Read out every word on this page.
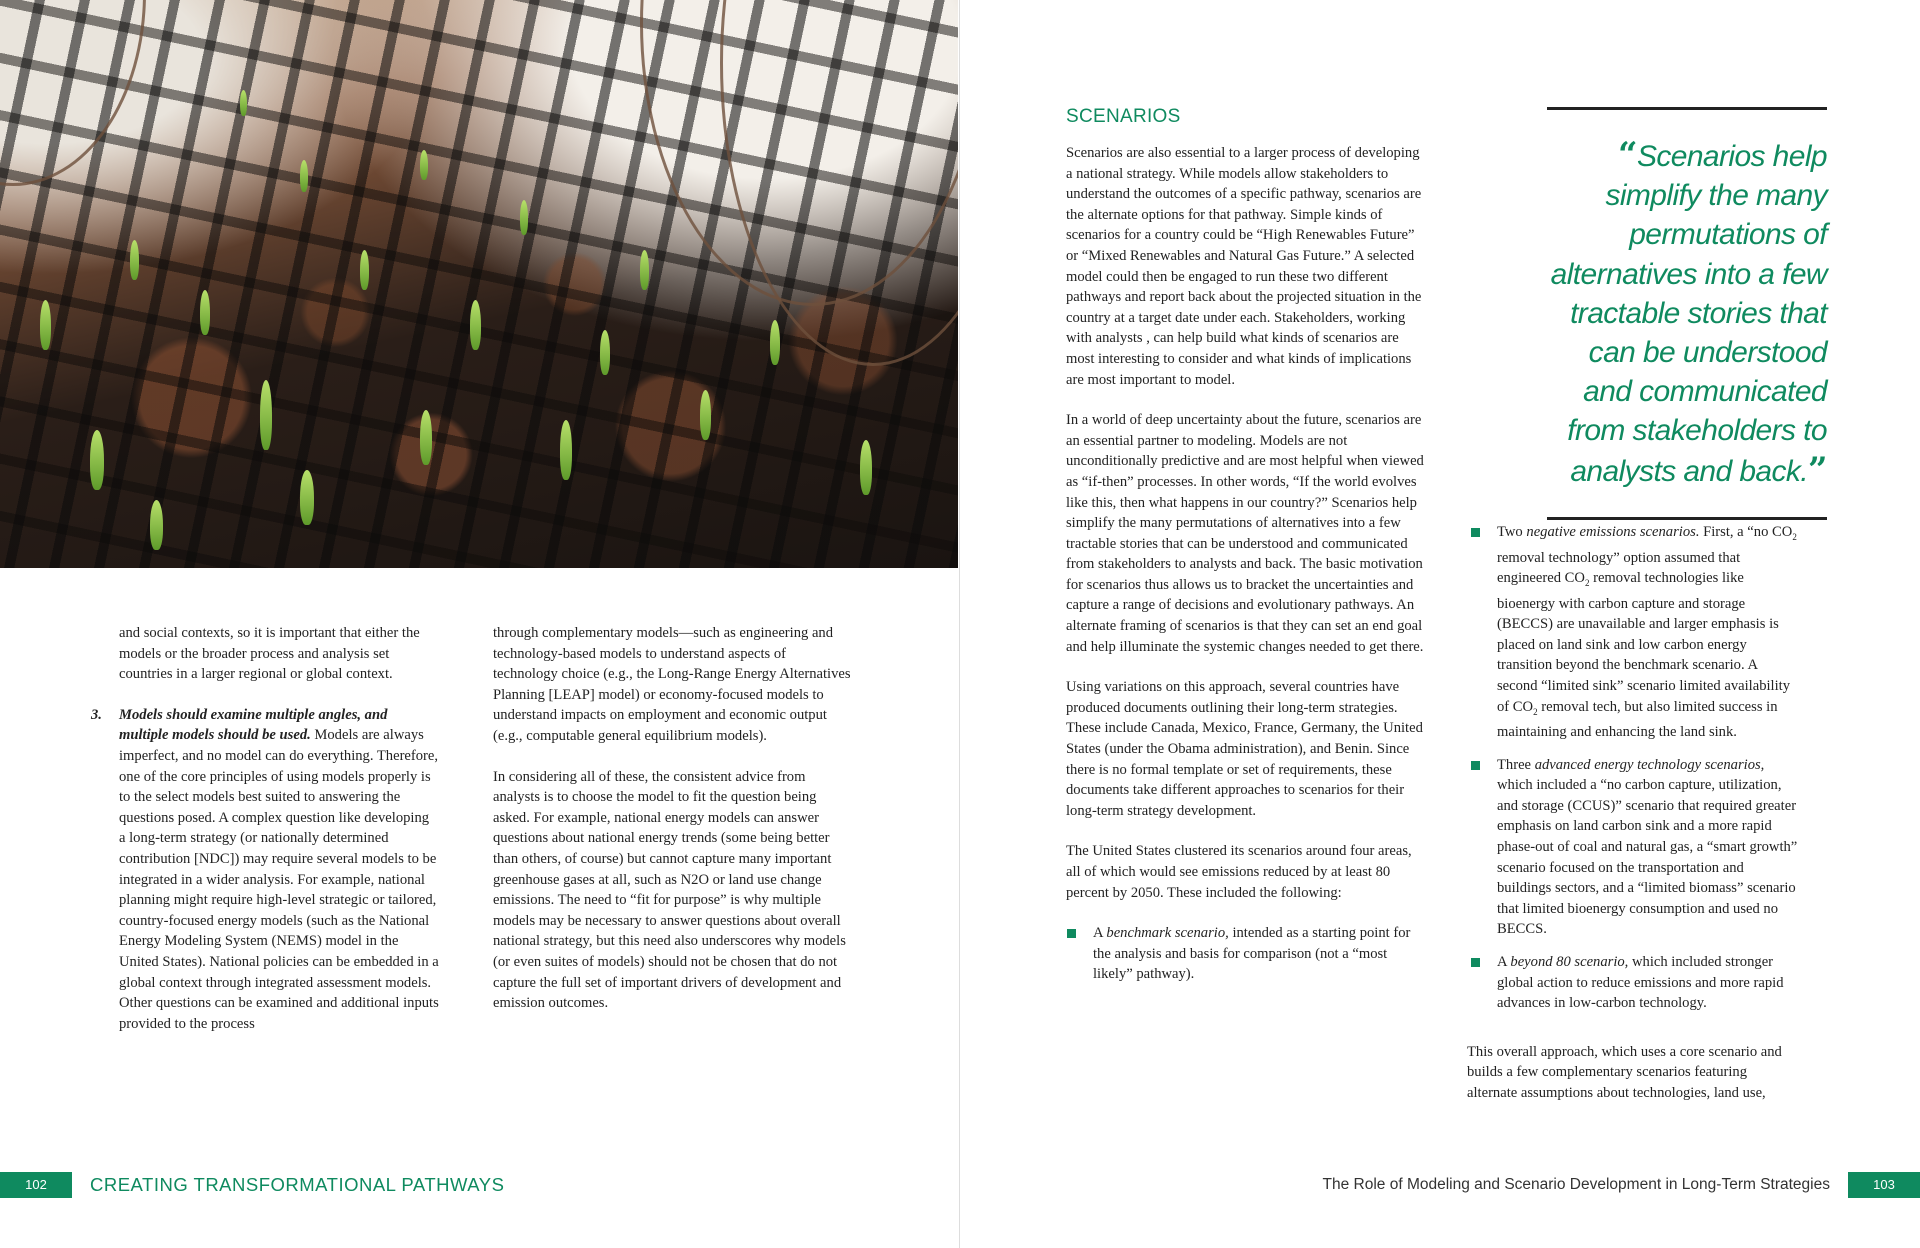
and social contexts, so it is important that either the models or the broader process and analysis set countries in a larger regional or global context.

3. Models should examine multiple angles, and multiple models should be used. Models are always imperfect, and no model can do everything. Therefore, one of the core principles of using models properly is to the select models best suited to answering the questions posed. A complex question like developing a long-term strategy (or nationally determined contribution [NDC]) may require several models to be integrated in a wider analysis. For example, national planning might require high-level strategic or tailored, country-focused energy models (such as the National Energy Modeling System (NEMS) model in the United States). National policies can be embedded in a global context through integrated assessment models. Other questions can be examined and additional inputs provided to the process

through complementary models—such as engineering and technology-based models to understand aspects of technology choice (e.g., the Long-Range Energy Alternatives Planning [LEAP] model) or economy-focused models to understand impacts on employment and economic output (e.g., computable general equilibrium models).

In considering all of these, the consistent advice from analysts is to choose the model to fit the question being asked. For example, national energy models can answer questions about national energy trends (some being better than others, of course) but cannot capture many important greenhouse gases at all, such as N2O or land use change emissions. The need to “fit for purpose” is why multiple models may be necessary to answer questions about overall national strategy, but this need also underscores why models (or even suites of models) should not be chosen that do not capture the full set of important drivers of development and emission outcomes.

102	CREATING TRANSFORMATIONAL PATHWAYS
SCENARIOS

Scenarios are also essential to a larger process of developing a national strategy. While models allow stakeholders to understand the outcomes of a specific pathway, scenarios are the alternate options for that pathway. Simple kinds of scenarios for a country could be “High Renewables Future” or “Mixed Renewables and Natural Gas Future.” A selected model could then be engaged to run these two different pathways and report back about the projected situation in the country at a target date under each. Stakeholders, working with analysts , can help build what kinds of scenarios are most interesting to consider and what kinds of implications are most important to model.

In a world of deep uncertainty about the future, scenarios are an essential partner to modeling. Models are not unconditionally predictive and are most helpful when viewed as “if-then” processes. In other words, “If the world evolves like this, then what happens in our country?” Scenarios help simplify the many permutations of alternatives into a few tractable stories that can be understood and communicated from stakeholders to analysts and back. The basic motivation for scenarios thus allows us to bracket the uncertainties and capture a range of decisions and evolutionary pathways. An alternate framing of scenarios is that they can set an end goal and help illuminate the systemic changes needed to get there.

Using variations on this approach, several countries have produced documents outlining their long-term strategies. These include Canada, Mexico, France, Germany, the United States (under the Obama administration), and Benin. Since there is no formal template or set of requirements, these documents take different approaches to scenarios for their long-term strategy development.

The United States clustered its scenarios around four areas, all of which would see emissions reduced by at least 80 percent by 2050. These included the following:

A benchmark scenario, intended as a starting point for the analysis and basis for comparison (not a “most likely” pathway).
“Scenarios help simplify the many permutations of alternatives into a few tractable stories that can be understood and communicated from stakeholders to analysts and back.”
Two negative emissions scenarios. First, a “no $CO_2$ removal technology” option assumed that engineered $CO_2$ removal technologies like bioenergy with carbon capture and storage (BECCS) are unavailable and larger emphasis is placed on land sink and low carbon energy transition beyond the benchmark scenario. A second “limited sink” scenario limited availability of $CO_2$ removal tech, but also limited success in maintaining and enhancing the land sink.
Three advanced energy technology scenarios, which included a “no carbon capture, utilization, and storage (CCUS)” scenario that required greater emphasis on land carbon sink and a more rapid phase-out of coal and natural gas, a “smart growth” scenario focused on the transportation and buildings sectors, and a “limited biomass” scenario that limited bioenergy consumption and used no BECCS.
A beyond 80 scenario, which included stronger global action to reduce emissions and more rapid advances in low-carbon technology.

This overall approach, which uses a core scenario and builds a few complementary scenarios featuring alternate assumptions about technologies, land use,

The Role of Modeling and Scenario Development in Long-Term Strategies	103
